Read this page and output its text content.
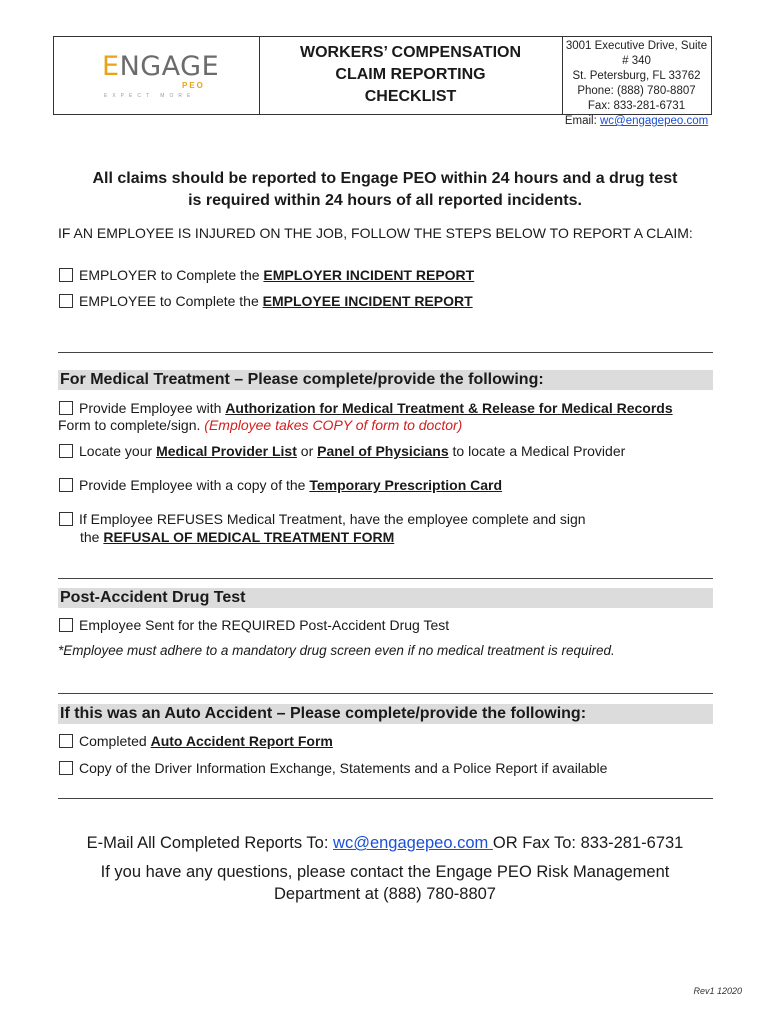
ENGAGE
PEO
EXPECT MORE
WORKERS’ COMPENSATION
CLAIM REPORTING
CHECKLIST
3001 Executive Drive, Suite # 340
St. Petersburg, FL 33762
Phone: (888) 780-8807
Fax: 833-281-6731
Email: wc@engagepeo.com
All claims should be reported to Engage PEO within 24 hours and a drug test
is required within 24 hours of all reported incidents.
IF AN EMPLOYEE IS INJURED ON THE JOB, FOLLOW THE STEPS BELOW TO REPORT A CLAIM:
EMPLOYER to Complete the EMPLOYER INCIDENT REPORT
EMPLOYEE to Complete the EMPLOYEE INCIDENT REPORT
For Medical Treatment – Please complete/provide the following:
Provide Employee with Authorization for Medical Treatment & Release for Medical Records
Form to complete/sign. (Employee takes COPY of form to doctor)
Locate your Medical Provider List or Panel of Physicians to locate a Medical Provider
Provide Employee with a copy of the Temporary Prescription Card
If Employee REFUSES Medical Treatment, have the employee complete and sign
the REFUSAL OF MEDICAL TREATMENT FORM
Post-Accident Drug Test
Employee Sent for the REQUIRED Post-Accident Drug Test
*Employee must adhere to a mandatory drug screen even if no medical treatment is required.
If this was an Auto Accident – Please complete/provide the following:
Completed Auto Accident Report Form
Copy of the Driver Information Exchange, Statements and a Police Report if available
E-Mail All Completed Reports To: wc@engagepeo.com OR Fax To: 833-281-6731
If you have any questions, please contact the Engage PEO Risk Management
Department at (888) 780-8807
Rev1 12020
